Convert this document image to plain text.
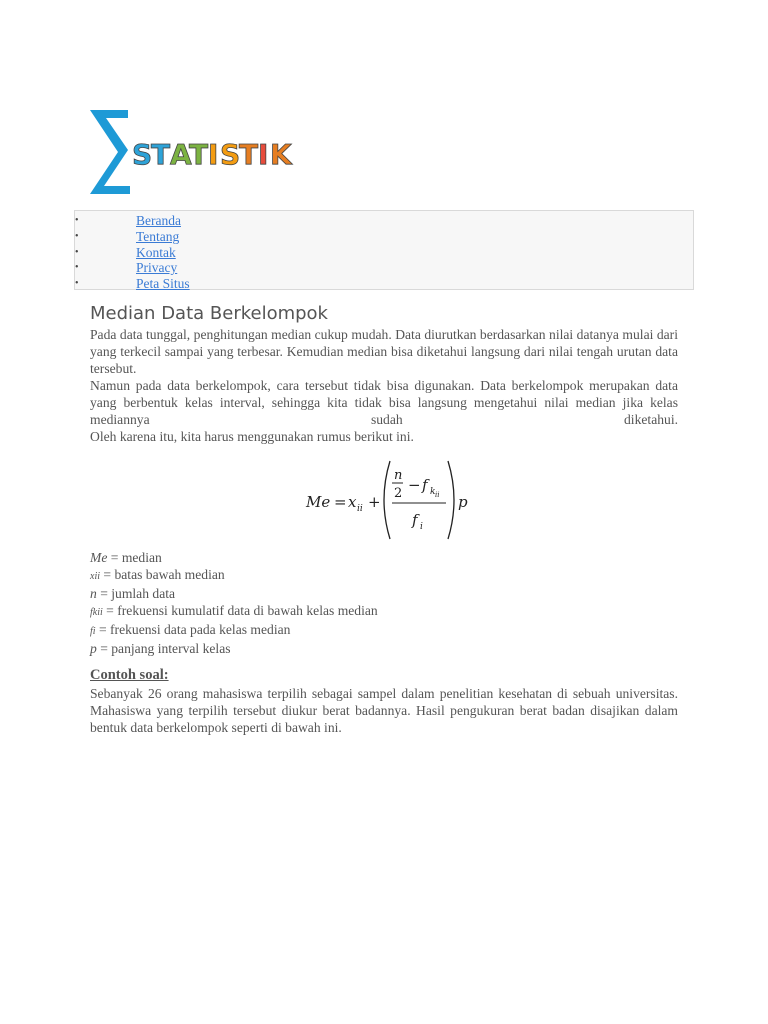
S
T A
T I S
T I K
•	Beranda
•	Tentang
•	Kontak
•	Privacy
•	Peta Situs
Median Data Berkelompok

Pada data tunggal, penghitungan median cukup mudah. Data diurutkan berdasarkan nilai datanya mulai dari yang terkecil sampai yang terbesar. Kemudian median bisa diketahui langsung dari nilai tengah urutan data tersebut.

Namun pada data berkelompok, cara tersebut tidak bisa digunakan. Data berkelompok merupakan data yang berbentuk kelas interval, sehingga kita tidak bisa langsung mengetahui nilai median jika kelas mediannya sudah diketahui.

Oleh karena itu, kita harus menggunakan rumus berikut ini.

Me = x ii +
n
2 − f k ii
f i
p
Me = median
xii = batas bawah median
n = jumlah data
fkii = frekuensi kumulatif data di bawah kelas median
fi = frekuensi data pada kelas median
p = panjang interval kelas
Contoh soal:

Sebanyak 26 orang mahasiswa terpilih sebagai sampel dalam penelitian kesehatan di sebuah universitas. Mahasiswa yang terpilih tersebut diukur berat badannya. Hasil pengukuran berat badan disajikan dalam bentuk data berkelompok seperti di bawah ini.
